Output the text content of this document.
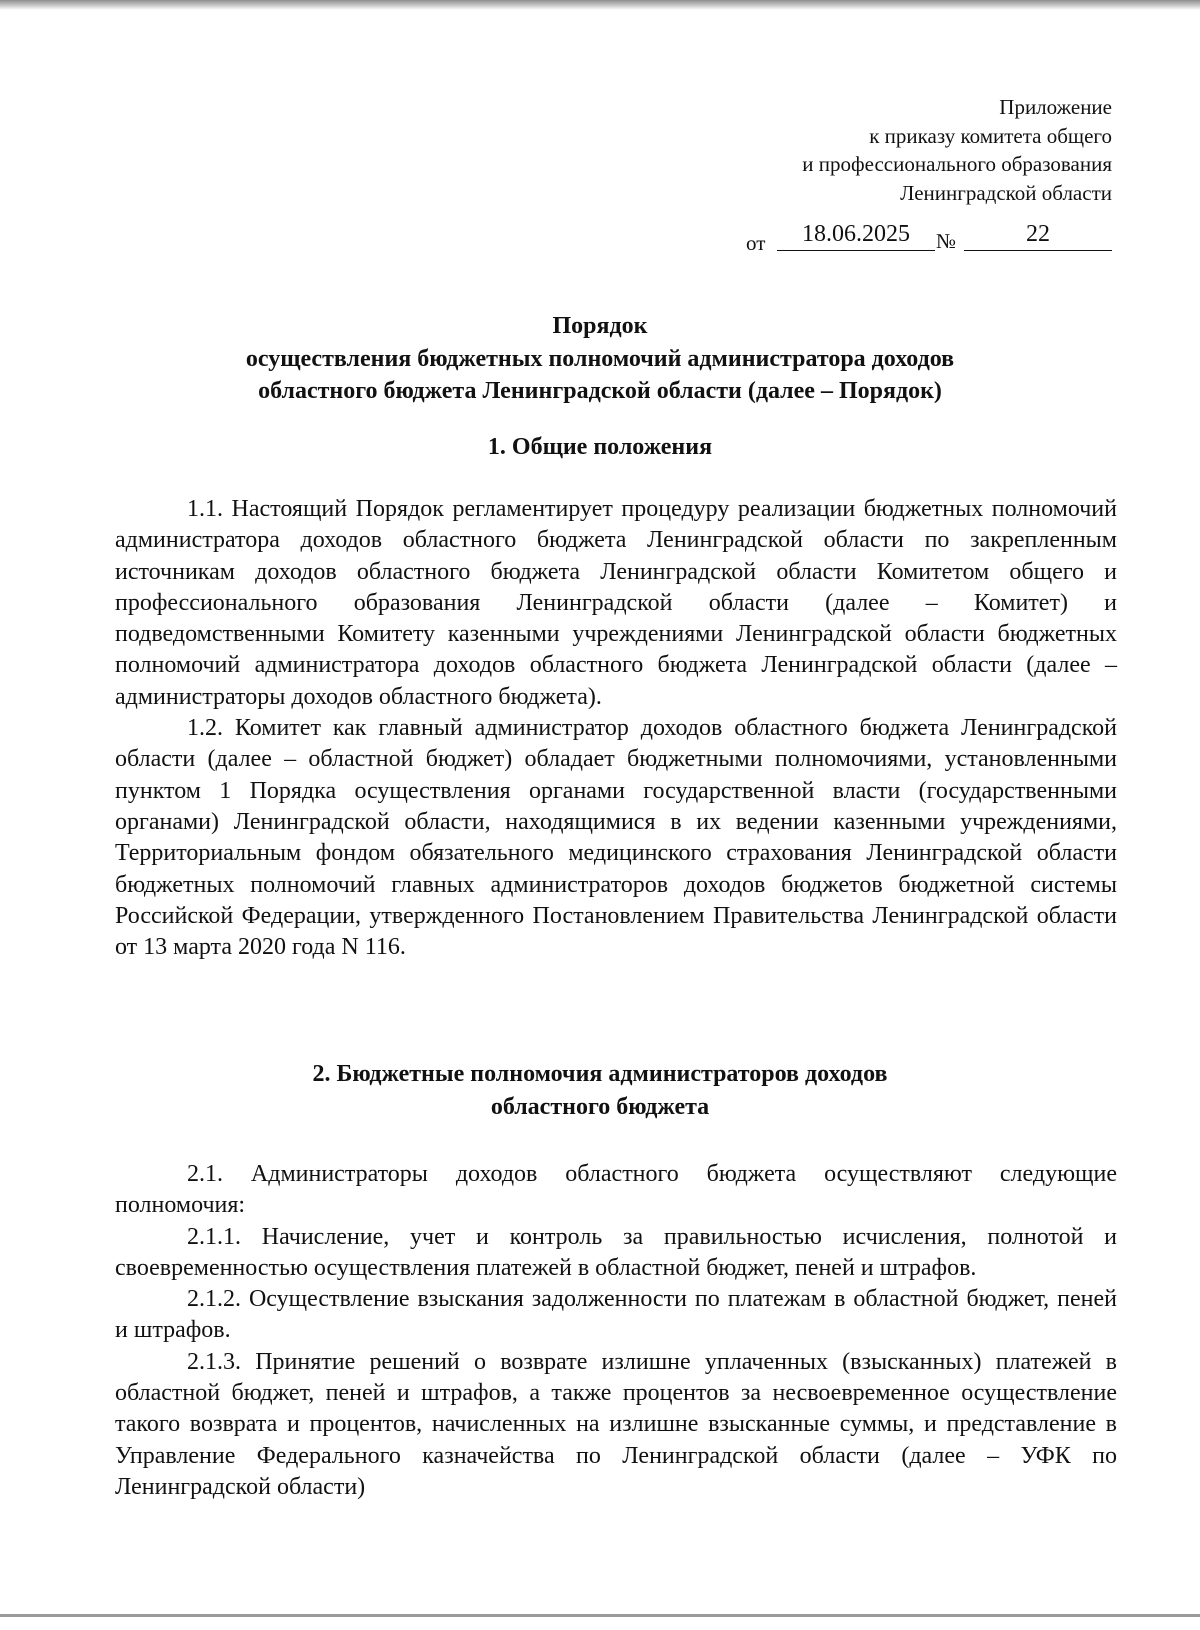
Приложение
к приказу комитета общего
и профессионального образования
Ленинградской области
от	18.06.2025	№	22
Порядок
осуществления бюджетных полномочий администратора доходов
областного бюджета Ленинградской области (далее – Порядок)
1. Общие положения

1.1. Настоящий Порядок регламентирует процедуру реализации бюджетных полномочий администратора доходов областного бюджета Ленинградской области по закрепленным источникам доходов областного бюджета Ленинградской области Комитетом общего и профессионального образования Ленинградской области (далее – Комитет) и подведомственными Комитету казенными учреждениями Ленинградской области бюджетных полномочий администратора доходов областного бюджета Ленинградской области (далее – администраторы доходов областного бюджета).

1.2. Комитет как главный администратор доходов областного бюджета Ленинградской области (далее – областной бюджет) обладает бюджетными полномочиями, установленными пунктом 1 Порядка осуществления органами государственной власти (государственными органами) Ленинградской области, находящимися в их ведении казенными учреждениями, Территориальным фондом обязательного медицинского страхования Ленинградской области бюджетных полномочий главных администраторов доходов бюджетов бюджетной системы Российской Федерации, утвержденного Постановлением Правительства Ленинградской области от 13 марта 2020 года N 116.

2. Бюджетные полномочия администраторов доходов
областного бюджета

2.1. Администраторы доходов областного бюджета осуществляют следующие полномочия:

2.1.1. Начисление, учет и контроль за правильностью исчисления, полнотой и своевременностью осуществления платежей в областной бюджет, пеней и штрафов.

2.1.2. Осуществление взыскания задолженности по платежам в областной бюджет, пеней и штрафов.

2.1.3. Принятие решений о возврате излишне уплаченных (взысканных) платежей в областной бюджет, пеней и штрафов, а также процентов за несвоевременное осуществление такого возврата и процентов, начисленных на излишне взысканные суммы, и представление в Управление Федерального казначейства по Ленинградской области (далее – УФК по Ленинградской области)
